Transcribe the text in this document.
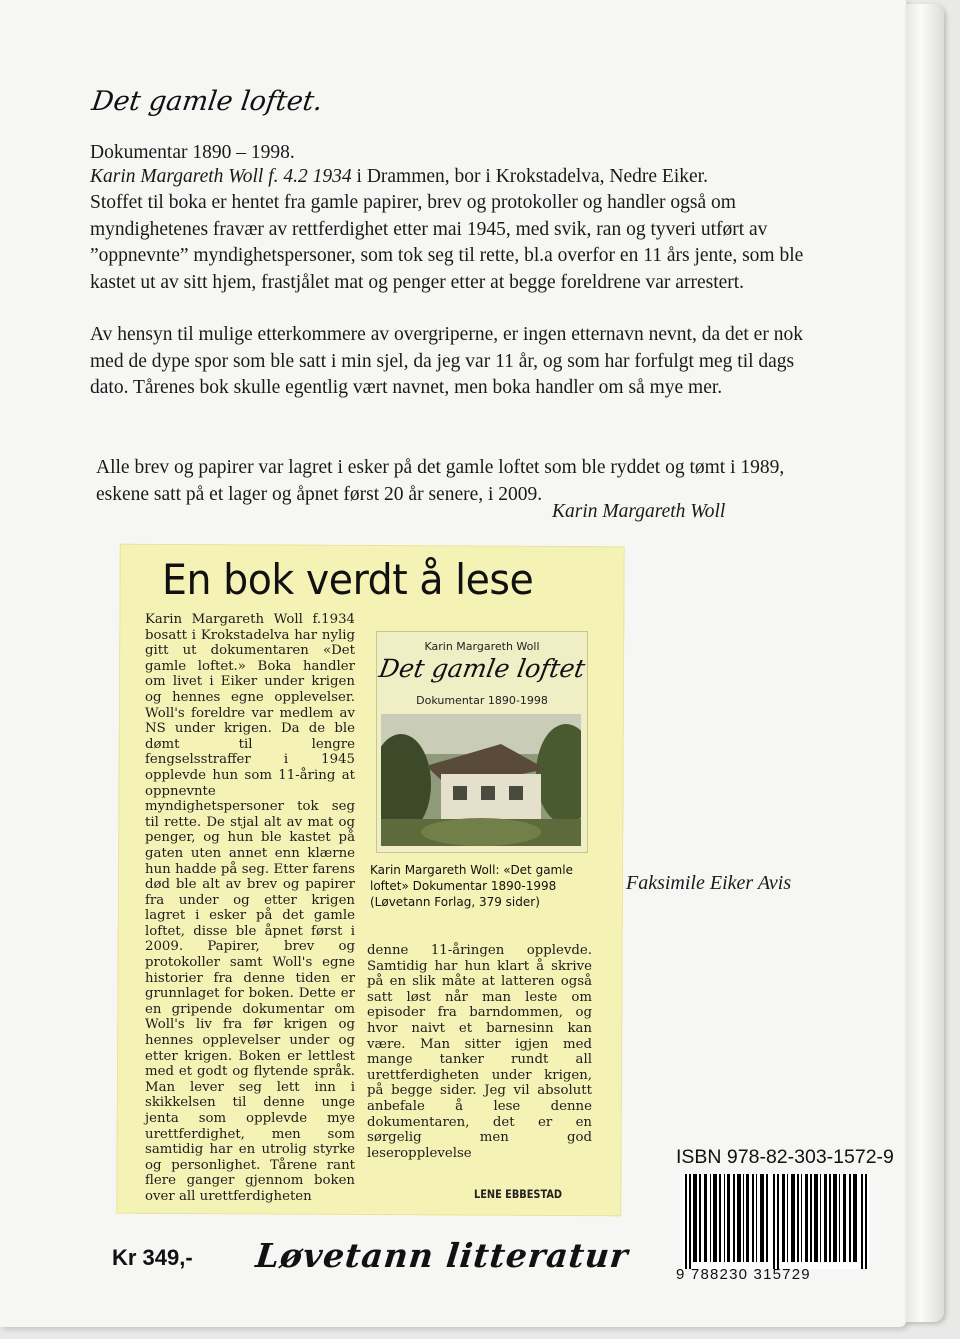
Det gamle loftet.
Dokumentar 1890 – 1998.
Karin Margareth Woll f. 4.2 1934 i Drammen, bor i Krokstadelva, Nedre Eiker.
Stoffet til boka er hentet fra gamle papirer, brev og protokoller og handler også om myndighetenes fravær av rettferdighet etter mai 1945, med svik, ran og tyveri utført av ”oppnevnte” myndighetspersoner, som tok seg til rette, bl.a overfor en 11 års jente, som ble kastet ut av sitt hjem, frastjålet mat og penger etter at begge foreldrene var arrestert.
Av hensyn til mulige etterkommere av overgriperne, er ingen etternavn nevnt, da det er nok med de dype spor som ble satt i min sjel, da jeg var 11 år, og som har forfulgt meg til dags dato. Tårenes bok skulle egentlig vært navnet, men boka handler om så mye mer.
Alle brev og papirer var lagret i esker på det gamle loftet som ble ryddet og tømt i 1989, eskene satt på et lager og åpnet først 20 år senere, i 2009.
Karin Margareth Woll
En bok verdt å lese
Karin Margareth Woll f.1934 bosatt i Krokstadelva har nylig gitt ut dokumentaren «Det gamle loftet.» Boka handler om livet i Eiker under krigen og hennes egne opplevelser. Woll's foreldre var medlem av NS under krigen. Da de ble dømt til lengre fengselsstraffer i 1945 opplevde hun som 11-åring at oppnevnte myndighetspersoner tok seg til rette. De stjal alt av mat og penger, og hun ble kastet på gaten uten annet enn klærne hun hadde på seg. Etter farens død ble alt av brev og papirer fra under og etter krigen lagret i esker på det gamle loftet, disse ble åpnet først i 2009. Papirer, brev og protokoller samt Woll's egne historier fra denne tiden er grunnlaget for boken. Dette er en gripende dokumentar om Woll's liv fra før krigen og hennes opplevelser under og etter krigen. Boken er lettlest med et godt og flytende språk. Man lever seg lett inn i skikkelsen til denne unge jenta som opplevde mye urettferdighet, men som samtidig har en utrolig styrke og personlighet. Tårene rant flere ganger gjennom boken over all urettferdigheten
Karin Margareth Woll
Det gamle loftet
Dokumentar 1890-1998
Karin Margareth Woll: «Det gamle loftet» Dokumentar 1890-1998 (Løvetann Forlag, 379 sider)
denne 11-åringen opplevde. Samtidig har hun klart å skrive på en slik måte at latteren også satt løst når man leste om episoder fra barndommen, og hvor naivt et barnesinn kan være. Man sitter igjen med mange tanker rundt all urettferdigheten under krigen, på begge sider. Jeg vil absolutt anbefale å lese denne dokumentaren, det er en sørgelig men god leseropplevelse
LENE EBBESTAD
Faksimile Eiker Avis
ISBN 978-82-303-1572-9
9 788230 315729
Kr 349,- Løvetann litteratur
